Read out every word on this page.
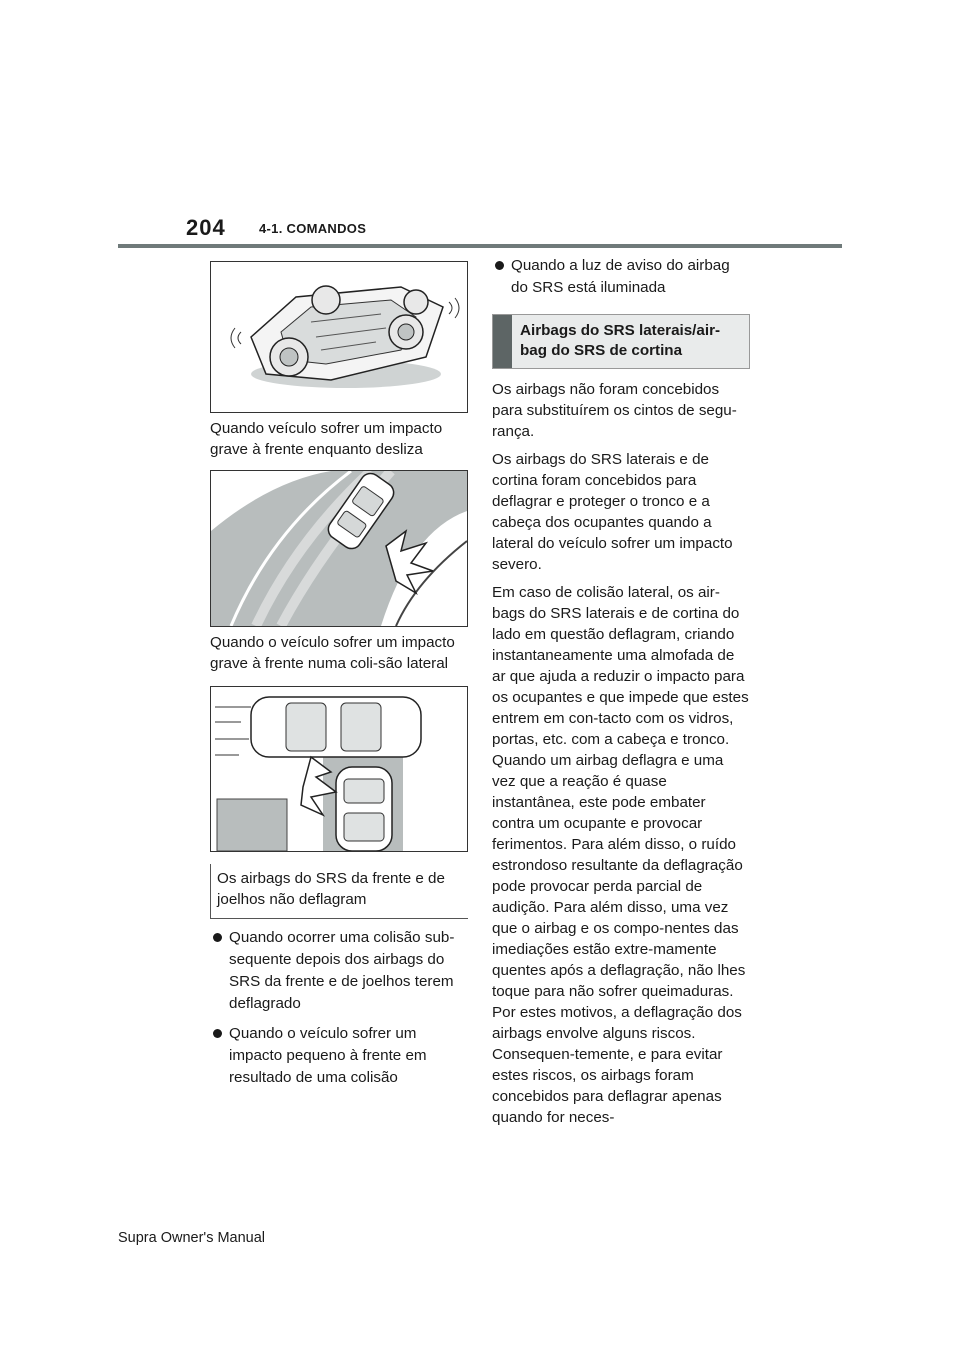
204	4-1. COMANDOS

Quando veículo sofrer um impacto grave à frente enquanto desliza

Quando o veículo sofrer um impacto grave à frente numa coli-são lateral

Os airbags do SRS da frente e de joelhos não deflagram
Quando ocorrer uma colisão sub-sequente depois dos airbags do SRS da frente e de joelhos terem deflagrado
Quando o veículo sofrer um impacto pequeno à frente em resultado de uma colisão
Quando a luz de aviso do airbag do SRS está iluminada
Airbags do SRS laterais/air-bag do SRS de cortina

Os airbags não foram concebidos para substituírem os cintos de segu-rança.

Os airbags do SRS laterais e de cortina foram concebidos para deflagrar e proteger o tronco e a cabeça dos ocupantes quando a lateral do veículo sofrer um impacto severo.

Em caso de colisão lateral, os air-bags do SRS laterais e de cortina do lado em questão deflagram, criando instantaneamente uma almofada de ar que ajuda a reduzir o impacto para os ocupantes e que impede que estes entrem em con-tacto com os vidros, portas, etc. com a cabeça e tronco. Quando um airbag deflagra e uma vez que a reação é quase instantânea, este pode embater contra um ocupante e provocar ferimentos. Para além disso, o ruído estrondoso resultante da deflagração pode provocar perda parcial de audição. Para além disso, uma vez que o airbag e os compo-nentes das imediações estão extre-mamente quentes após a deflagração, não lhes toque para não sofrer queimaduras. Por estes motivos, a deflagração dos airbags envolve alguns riscos. Consequen-temente, e para evitar estes riscos, os airbags foram concebidos para deflagrar apenas quando for neces-

Supra Owner's Manual
